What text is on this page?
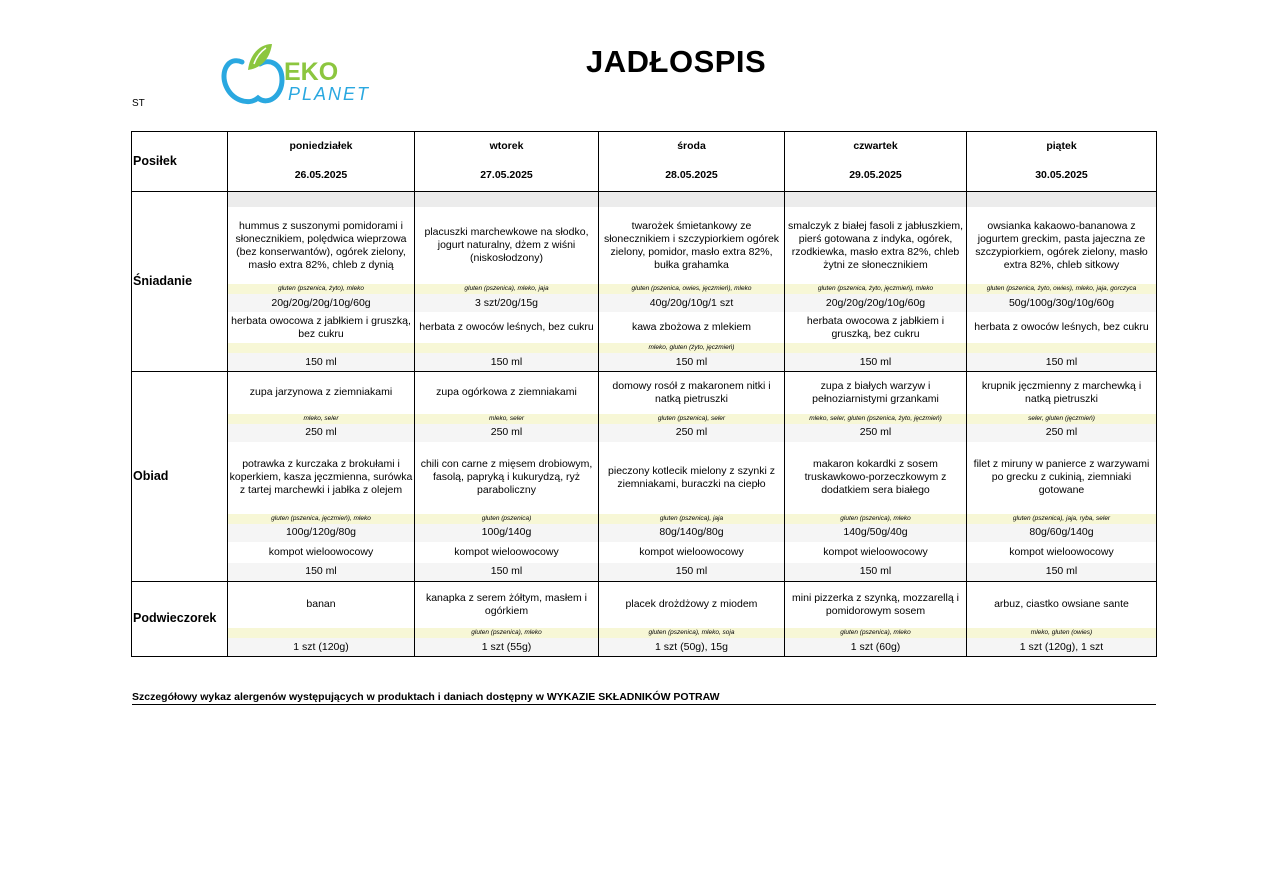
ST
EKO
PLANET
JADŁOSPIS
Posiłek	poniedziałek	wtorek	środa	czwartek	piątek
	26.05.2025	27.05.2025	28.05.2025	29.05.2025	30.05.2025
Śniadanie					
	hummus z suszonymi pomidorami i słonecznikiem, polędwica wieprzowa (bez konserwantów), ogórek zielony, masło extra 82%, chleb z dynią	placuszki marchewkowe na słodko, jogurt naturalny, dżem z wiśni (niskosłodzony)	twarożek śmietankowy ze słonecznikiem i szczypiorkiem ogórek zielony, pomidor, masło extra 82%, bułka grahamka	smalczyk z białej fasoli z jabłuszkiem, pierś gotowana z indyka, ogórek, rzodkiewka, masło extra 82%, chleb żytni ze słonecznikiem	owsianka kakaowo-bananowa z jogurtem greckim, pasta jajeczna ze szczypiorkiem, ogórek zielony, masło extra 82%, chleb sitkowy
	gluten (pszenica, żyto), mleko	gluten (pszenica), mleko, jaja	gluten (pszenica, owies, jęczmień), mleko	gluten (pszenica, żyto, jęczmień), mleko	gluten (pszenica, żyto, owies), mleko, jaja, gorczyca
	20g/20g/20g/10g/60g	3 szt/20g/15g	40g/20g/10g/1 szt	20g/20g/20g/10g/60g	50g/100g/30g/10g/60g
	herbata owocowa z jabłkiem i gruszką, bez cukru	herbata z owoców leśnych, bez cukru	kawa zbożowa z mlekiem	herbata owocowa z jabłkiem i gruszką, bez cukru	herbata z owoców leśnych, bez cukru
			mleko, gluten (żyto, jęczmień)		
	150 ml	150 ml	150 ml	150 ml	150 ml
Obiad	zupa jarzynowa z ziemniakami	zupa ogórkowa z ziemniakami	domowy rosół z makaronem nitki i natką pietruszki	zupa z białych warzyw i pełnoziarnistymi grzankami	krupnik jęczmienny z marchewką i natką pietruszki
	mleko, seler	mleko, seler	gluten (pszenica), seler	mleko, seler, gluten (pszenica, żyto, jęczmień)	seler, gluten (jęczmień)
	250 ml	250 ml	250 ml	250 ml	250 ml
	potrawka z kurczaka z brokułami i koperkiem, kasza jęczmienna, surówka z tartej marchewki i jabłka z olejem	chili con carne z mięsem drobiowym, fasolą, papryką i kukurydzą, ryż paraboliczny	pieczony kotlecik mielony z szynki z ziemniakami, buraczki na ciepło	makaron kokardki z sosem truskawkowo-porzeczkowym z dodatkiem sera białego	filet z miruny w panierce z warzywami po grecku z cukinią, ziemniaki gotowane
	gluten (pszenica, jęczmień), mleko	gluten (pszenica)	gluten (pszenica), jaja	gluten (pszenica), mleko	gluten (pszenica), jaja, ryba, seler
	100g/120g/80g	100g/140g	80g/140g/80g	140g/50g/40g	80g/60g/140g
	kompot wieloowocowy	kompot wieloowocowy	kompot wieloowocowy	kompot wieloowocowy	kompot wieloowocowy
	150 ml	150 ml	150 ml	150 ml	150 ml
Podwieczorek	banan	kanapka z serem żółtym, masłem i ogórkiem	placek drożdżowy z miodem	mini pizzerka z szynką, mozzarellą i pomidorowym sosem	arbuz, ciastko owsiane sante
		gluten (pszenica), mleko	gluten (pszenica), mleko, soja	gluten (pszenica), mleko	mleko, gluten (owies)
	1 szt (120g)	1 szt (55g)	1 szt (50g), 15g	1 szt (60g)	1 szt (120g), 1 szt
Szczegółowy wykaz alergenów występujących w produktach i daniach dostępny w WYKAZIE SKŁADNIKÓW POTRAW
